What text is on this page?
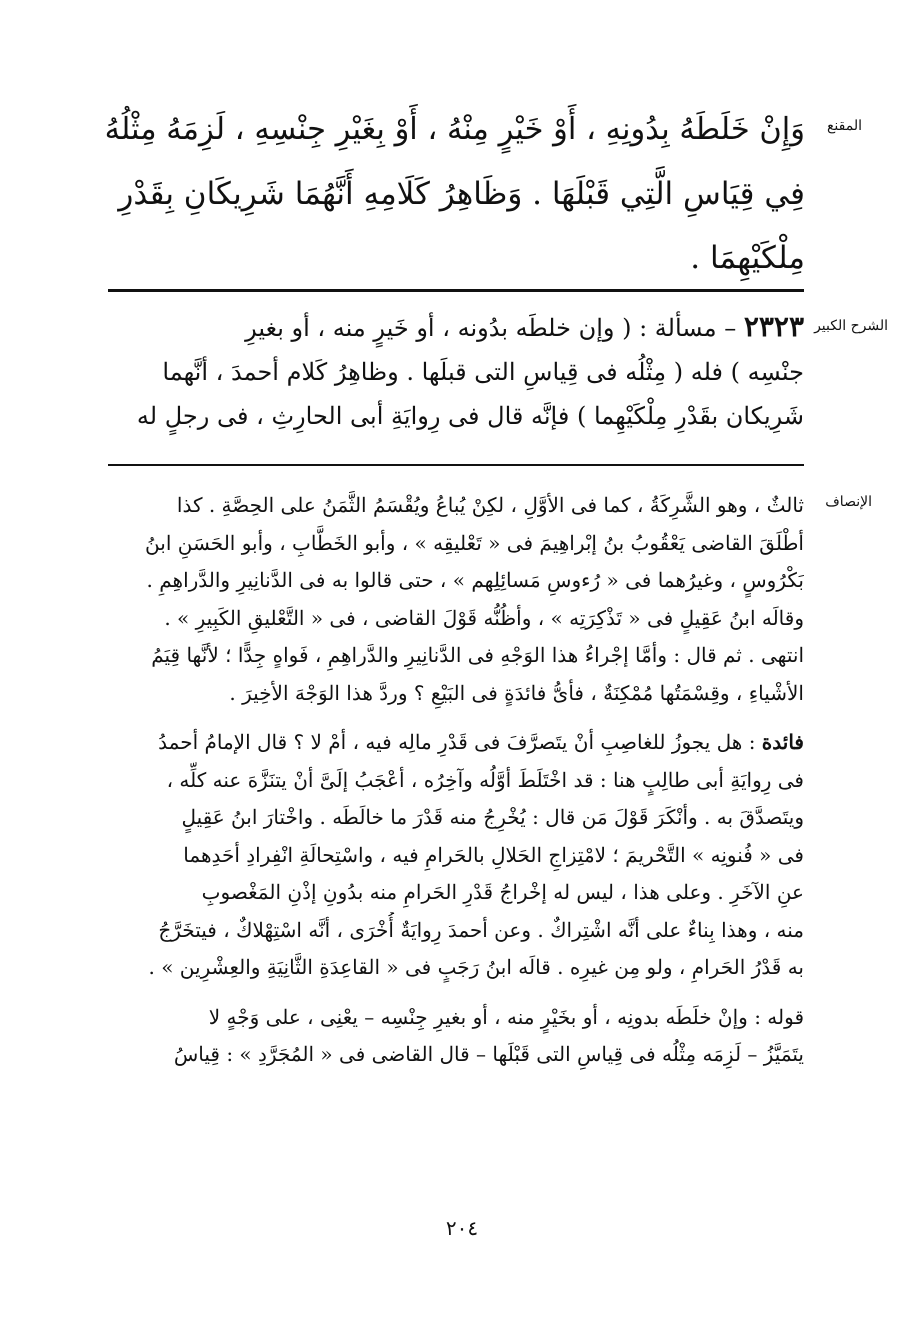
المقنع
وَإِنْ خَلَطَهُ بِدُونِهِ ، أَوْ خَيْرٍ مِنْهُ ، أَوْ بِغَيْرِ جِنْسِهِ ، لَزِمَهُ مِثْلُهُ
فِي قِيَاسِ الَّتِي قَبْلَهَا . وَظَاهِرُ كَلَامِهِ أَنَّهُمَا شَرِيكَانِ بِقَدْرِ
مِلْكَيْهِمَا .
الشرح الكبير
٢٣٢٣ – مسألة : ( وإن خلطَه بدُونه ، أو خَيرٍ منه ، أو بغيرِ
جنْسِه ) فله ( مِثْلُه فى قِياسِ التى قبلَها . وظاهِرُ كَلام أحمدَ ، أنَّهما
شَرِيكان بقَدْرِ مِلْكَيْهِما ) فإنَّه قال فى رِوايَةِ أبى الحارِثِ ، فى رجلٍ له
الإنصاف
ثالثٌ ، وهو الشَّرِكَةُ ، كما فى الأوَّلِ ، لكِنْ يُباعُ ويُقْسَمُ الثَّمَنُ على الحِصَّةِ . كذا
أطْلَقَ القاضى يَعْقُوبُ بنُ إبْراهِيمَ فى « تَعْليقِه » ، وأبو الخَطَّابِ ، وأبو الحَسَنِ ابنُ
بَكْرُوسٍ ، وغيرُهما فى « رُءوسِ مَسائِلِهم » ، حتى قالوا به فى الدَّنانِيرِ والدَّراهِمِ .
وقالَه ابنُ عَقِيلٍ فى « تَذْكِرَتِه » ، وأظُنُّه قَوْلَ القاضى ، فى « التَّعْليقِ الكَبِيرِ » .
انتهى . ثم قال : وأمَّا إجْراءُ هذا الوَجْهِ فى الدَّنانِيرِ والدَّراهِمِ ، فَواهٍ جِدًّا ؛ لأنَّها قِيَمُ
الأشْياءِ ، وقِسْمَتُها مُمْكِنَةٌ ، فأىُّ فائدَةٍ فى البَيْعِ ؟ وردَّ هذا الوَجْهَ الأخِيرَ .
فائدة : هل يجوزُ للغاصِبِ أنْ يتَصرَّفَ فى قَدْرِ مالِه فيه ، أمْ لا ؟ قال الإمامُ أحمدُ
فى رِوايَةِ أبى طالِبٍ هنا : قد اخْتَلَطَ أوَّلُه وآخِرُه ، أعْجَبُ إلَىَّ أنْ يتنَزَّهَ عنه كلِّه ،
ويتَصدَّقَ به . وأنْكَرَ قَوْلَ مَن قال : يُخْرِجُ منه قَدْرَ ما خالَطَه . واخْتارَ ابنُ عَقِيلٍ
فى « فُنونِه » التَّحْريمَ ؛ لامْتِزاجِ الحَلالِ بالحَرامِ فيه ، واسْتِحالَةِ انْفِرادِ أحَدِهما
عنِ الآخَرِ . وعلى هذا ، ليس له إخْراجُ قَدْرِ الحَرامِ منه بدُونِ إذْنِ المَغْصوبِ
منه ، وهذا بِناءٌ على أنَّه اشْتِراكٌ . وعن أحمدَ رِوايَةٌ أُخْرَى ، أنَّه اسْتِهْلاكٌ ، فيتخَرَّجُ
به قَدْرُ الحَرامِ ، ولو مِن غيرِه . قالَه ابنُ رَجَبٍ فى « القاعِدَةِ الثَّانِيَةِ والعِشْرِين » .
قوله : وإنْ خلَطَه بدونِه ، أو بخَيْرٍ منه ، أو بغيرِ جِنْسِه – يعْنِى ، على وَجْهٍ لا
يتَمَيَّزُ – لَزِمَه مِثْلُه فى قِياسِ التى قَبْلَها – قال القاضى فى « المُجَرَّدِ » : قِياسُ
٢٠٤
